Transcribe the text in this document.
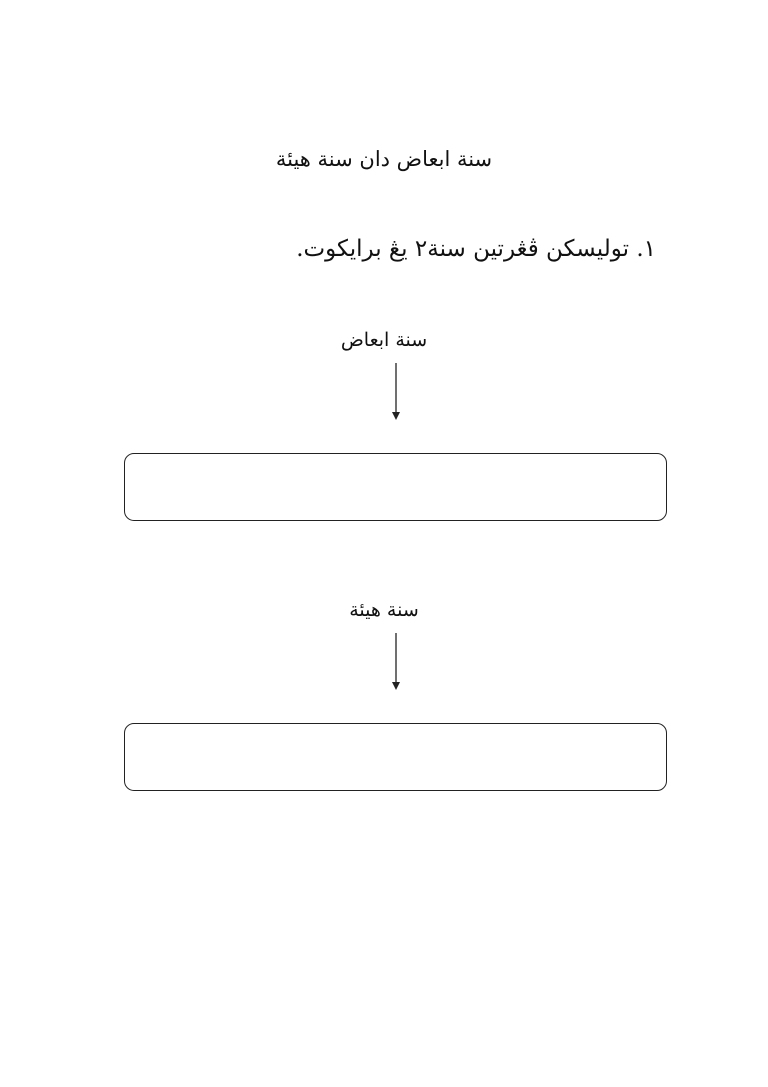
سنة ابعاض دان سنة هيئة
١. توليسكن ڤڠرتين سنة٢ يڠ برايكوت.
سنة ابعاض
سنة هيئة
